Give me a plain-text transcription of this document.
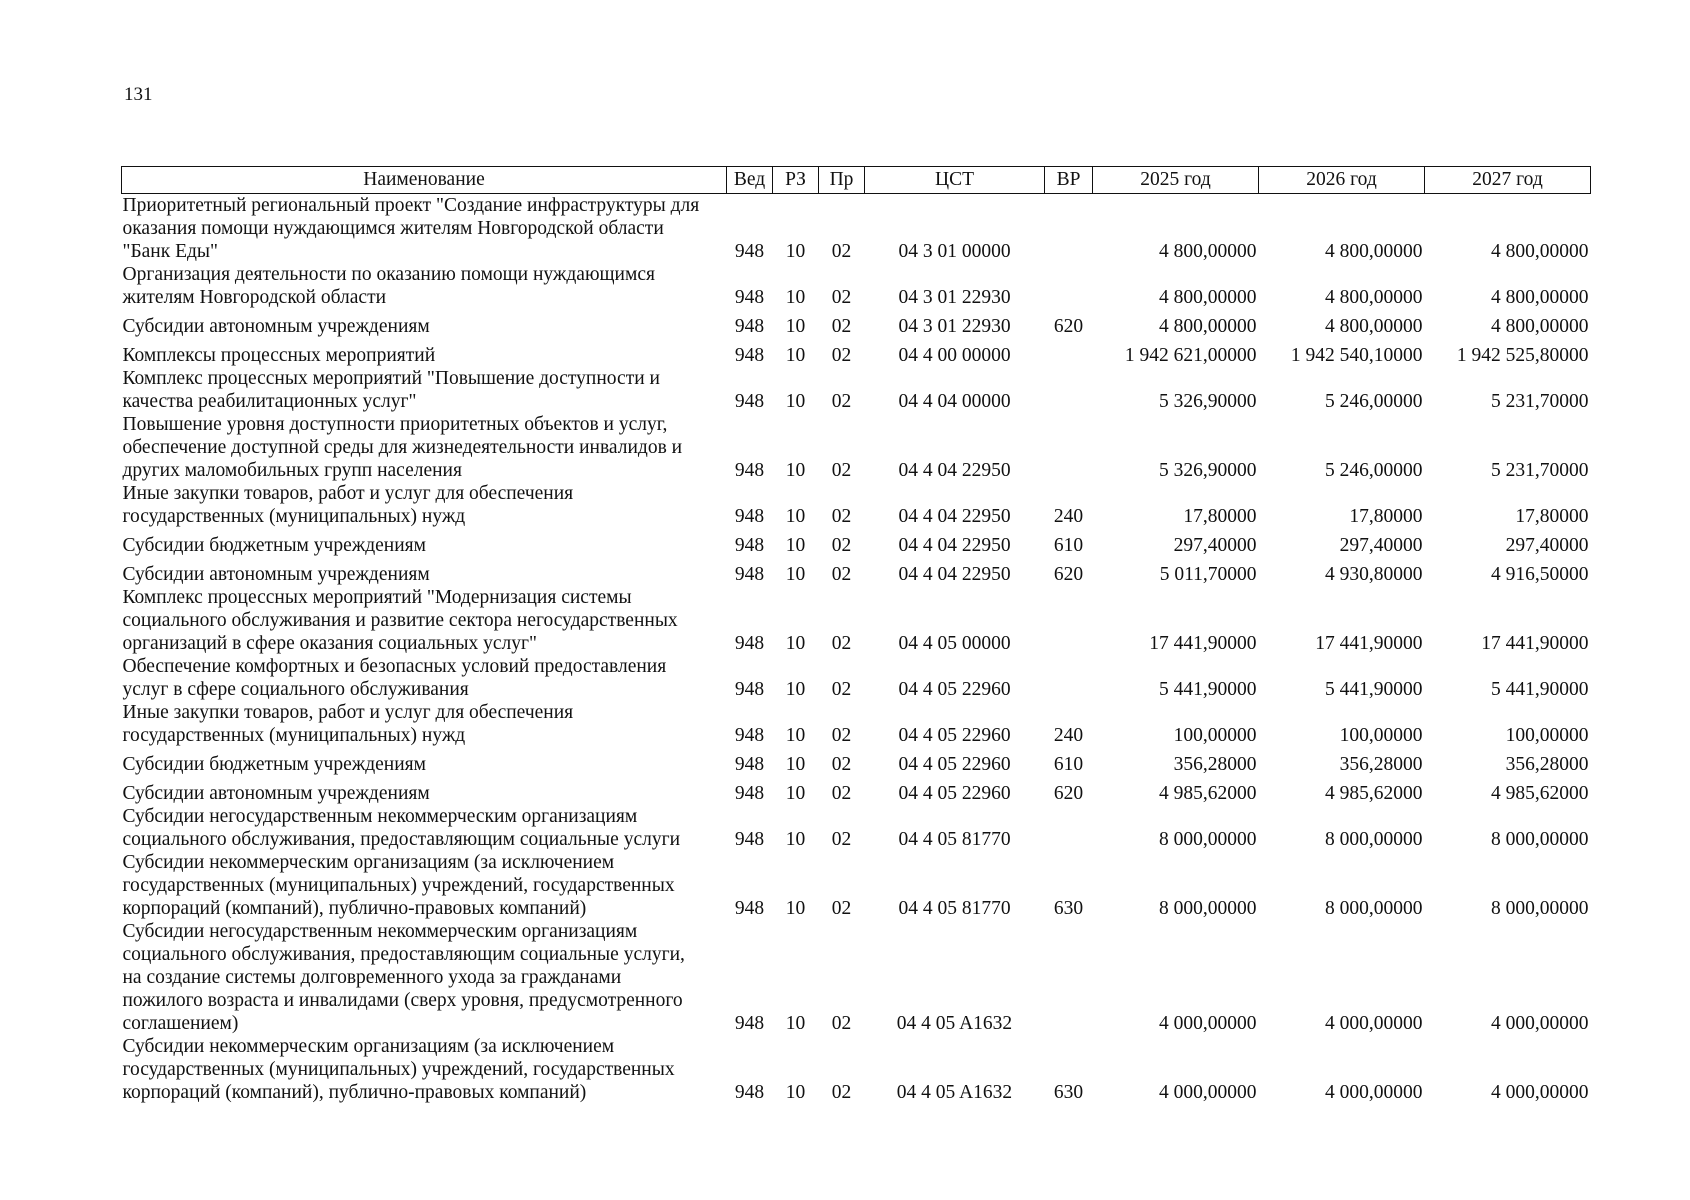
131
Наименование	Вед	РЗ	Пр	ЦСТ	ВР	2025 год	2026 год	2027 год
Приоритетный региональный проект "Создание инфраструктуры для
оказания помощи нуждающимся жителям Новгородской области
"Банк Еды"	948	10	02	04 3 01 00000		4 800,00000	4 800,00000	4 800,00000
Организация деятельности по оказанию помощи нуждающимся
жителям Новгородской области	948	10	02	04 3 01 22930		4 800,00000	4 800,00000	4 800,00000
Субсидии автономным учреждениям	948	10	02	04 3 01 22930	620	4 800,00000	4 800,00000	4 800,00000
Комплексы процессных мероприятий	948	10	02	04 4 00 00000		1 942 621,00000	1 942 540,10000	1 942 525,80000
Комплекс процессных мероприятий "Повышение доступности и
качества реабилитационных услуг"	948	10	02	04 4 04 00000		5 326,90000	5 246,00000	5 231,70000
Повышение уровня доступности приоритетных объектов и услуг,
обеспечение доступной среды для жизнедеятельности инвалидов и
других маломобильных групп населения	948	10	02	04 4 04 22950		5 326,90000	5 246,00000	5 231,70000
Иные закупки товаров, работ и услуг для обеспечения
государственных (муниципальных) нужд	948	10	02	04 4 04 22950	240	17,80000	17,80000	17,80000
Субсидии бюджетным учреждениям	948	10	02	04 4 04 22950	610	297,40000	297,40000	297,40000
Субсидии автономным учреждениям	948	10	02	04 4 04 22950	620	5 011,70000	4 930,80000	4 916,50000
Комплекс процессных мероприятий "Модернизация системы
социального обслуживания и развитие сектора негосударственных
организаций в сфере оказания социальных услуг"	948	10	02	04 4 05 00000		17 441,90000	17 441,90000	17 441,90000
Обеспечение комфортных и безопасных условий предоставления
услуг в сфере социального обслуживания	948	10	02	04 4 05 22960		5 441,90000	5 441,90000	5 441,90000
Иные закупки товаров, работ и услуг для обеспечения
государственных (муниципальных) нужд	948	10	02	04 4 05 22960	240	100,00000	100,00000	100,00000
Субсидии бюджетным учреждениям	948	10	02	04 4 05 22960	610	356,28000	356,28000	356,28000
Субсидии автономным учреждениям	948	10	02	04 4 05 22960	620	4 985,62000	4 985,62000	4 985,62000
Субсидии негосударственным некоммерческим организациям
социального обслуживания, предоставляющим социальные услуги	948	10	02	04 4 05 81770		8 000,00000	8 000,00000	8 000,00000
Субсидии некоммерческим организациям (за исключением
государственных (муниципальных) учреждений, государственных
корпораций (компаний), публично-правовых компаний)	948	10	02	04 4 05 81770	630	8 000,00000	8 000,00000	8 000,00000
Субсидии негосударственным некоммерческим организациям
социального обслуживания, предоставляющим социальные услуги,
на создание системы долговременного ухода за гражданами
пожилого возраста и инвалидами (сверх уровня, предусмотренного
соглашением)	948	10	02	04 4 05 A1632		4 000,00000	4 000,00000	4 000,00000
Субсидии некоммерческим организациям (за исключением
государственных (муниципальных) учреждений, государственных
корпораций (компаний), публично-правовых компаний)	948	10	02	04 4 05 A1632	630	4 000,00000	4 000,00000	4 000,00000
